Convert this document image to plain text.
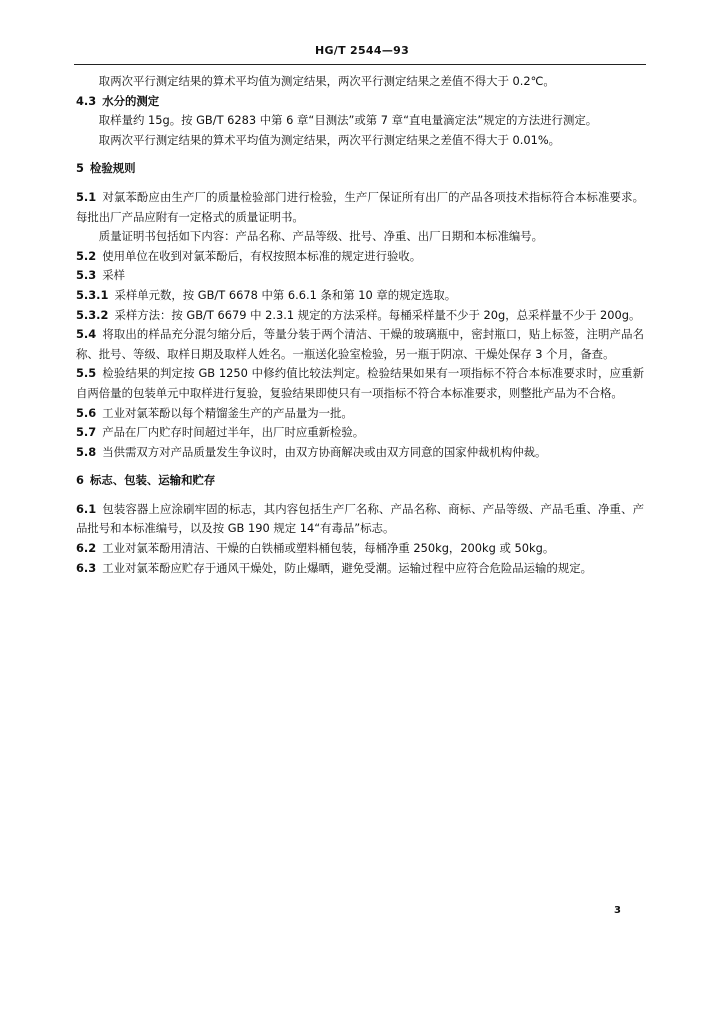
HG/T 2544—93

取两次平行测定结果的算术平均值为测定结果，两次平行测定结果之差值不得大于 0.2℃。

4.3 水分的测定

取样量约 15g。按 GB/T 6283 中第 6 章“目测法”或第 7 章“直电量滴定法”规定的方法进行测定。

取两次平行测定结果的算术平均值为测定结果，两次平行测定结果之差值不得大于 0.01%。

5 检验规则

5.1 对氯苯酚应由生产厂的质量检验部门进行检验，生产厂保证所有出厂的产品各项技术指标符合本标准要求。每批出厂产品应附有一定格式的质量证明书。

质量证明书包括如下内容：产品名称、产品等级、批号、净重、出厂日期和本标准编号。

5.2 使用单位在收到对氯苯酚后，有权按照本标准的规定进行验收。

5.3 采样

5.3.1 采样单元数，按 GB/T 6678 中第 6.6.1 条和第 10 章的规定选取。

5.3.2 采样方法：按 GB/T 6679 中 2.3.1 规定的方法采样。每桶采样量不少于 20g，总采样量不少于 200g。

5.4 将取出的样品充分混匀缩分后，等量分装于两个清洁、干燥的玻璃瓶中，密封瓶口，贴上标签，注明产品名称、批号、等级、取样日期及取样人姓名。一瓶送化验室检验，另一瓶于阴凉、干燥处保存 3 个月，备查。

5.5 检验结果的判定按 GB 1250 中修约值比较法判定。检验结果如果有一项指标不符合本标准要求时，应重新自两倍量的包装单元中取样进行复验，复验结果即使只有一项指标不符合本标准要求，则整批产品为不合格。

5.6 工业对氯苯酚以每个精馏釜生产的产品量为一批。

5.7 产品在厂内贮存时间超过半年，出厂时应重新检验。

5.8 当供需双方对产品质量发生争议时，由双方协商解决或由双方同意的国家仲裁机构仲裁。

6 标志、包装、运输和贮存

6.1 包装容器上应涂刷牢固的标志，其内容包括生产厂名称、产品名称、商标、产品等级、产品毛重、净重、产品批号和本标准编号，以及按 GB 190 规定 14“有毒品”标志。

6.2 工业对氯苯酚用清洁、干燥的白铁桶或塑料桶包装，每桶净重 250kg，200kg 或 50kg。

6.3 工业对氯苯酚应贮存于通风干燥处，防止爆晒，避免受潮。运输过程中应符合危险品运输的规定。

3
